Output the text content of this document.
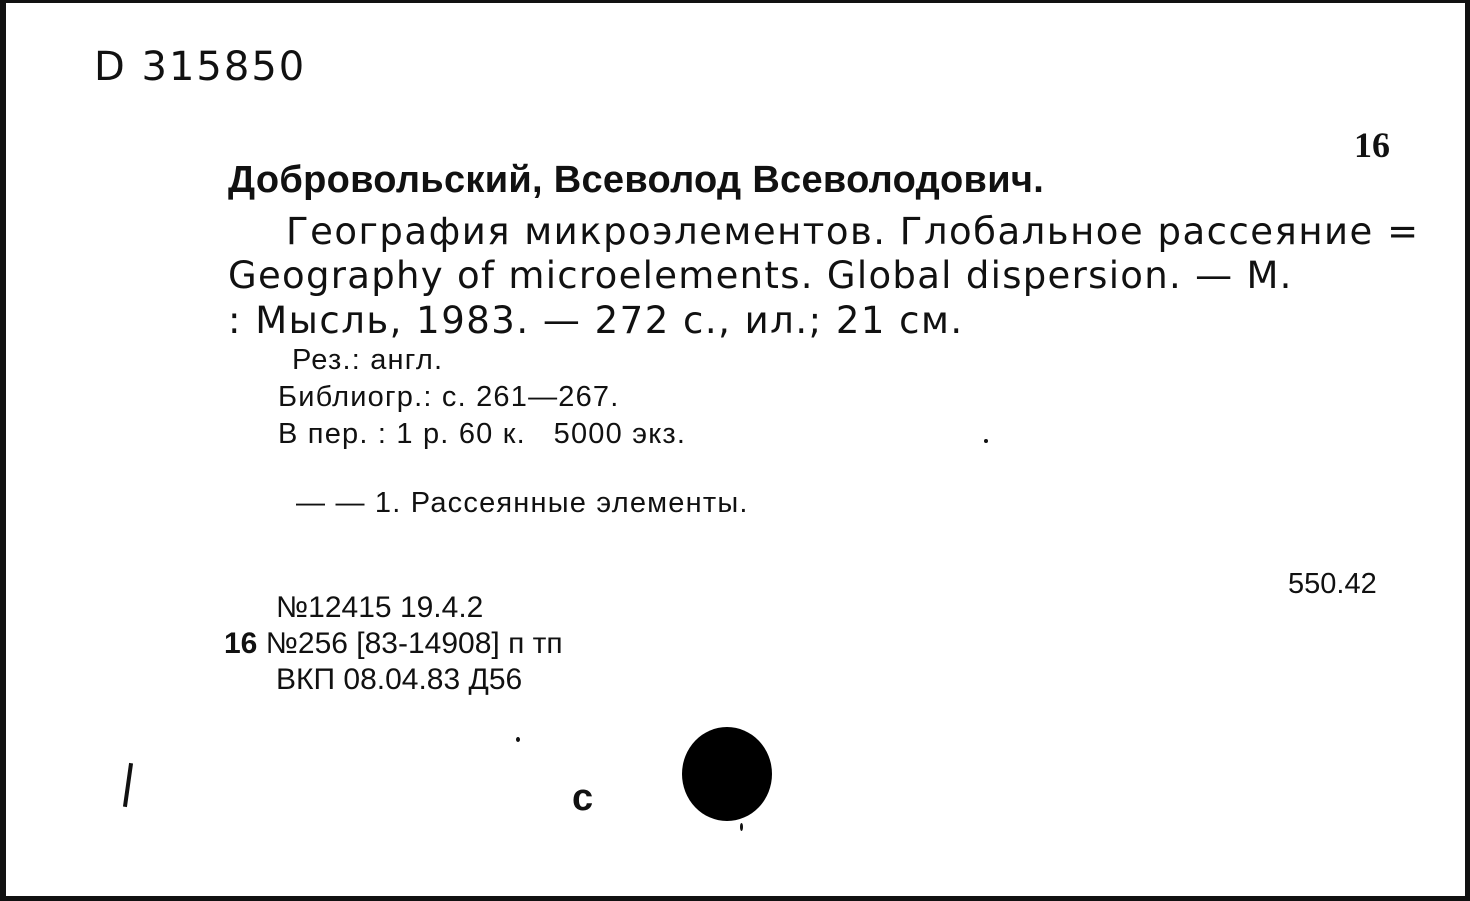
D 315850
16
Добровольский, Всеволод Всеволодович.
География микроэлементов. Глобальное рассеяние =
Geography of microelements. Global dispersion. — М.
: Мысль, 1983. — 272 с., ил.; 21 см.
Рез.: англ.
Библиогр.: с. 261—267.
В пер. : 1 р. 60 к.   5000 экз.
— — 1. Рассеянные элементы.
550.42
№12415 19.4.2
16 №256 [83-14908] п тп
ВКП 08.04.83 Д56
с
